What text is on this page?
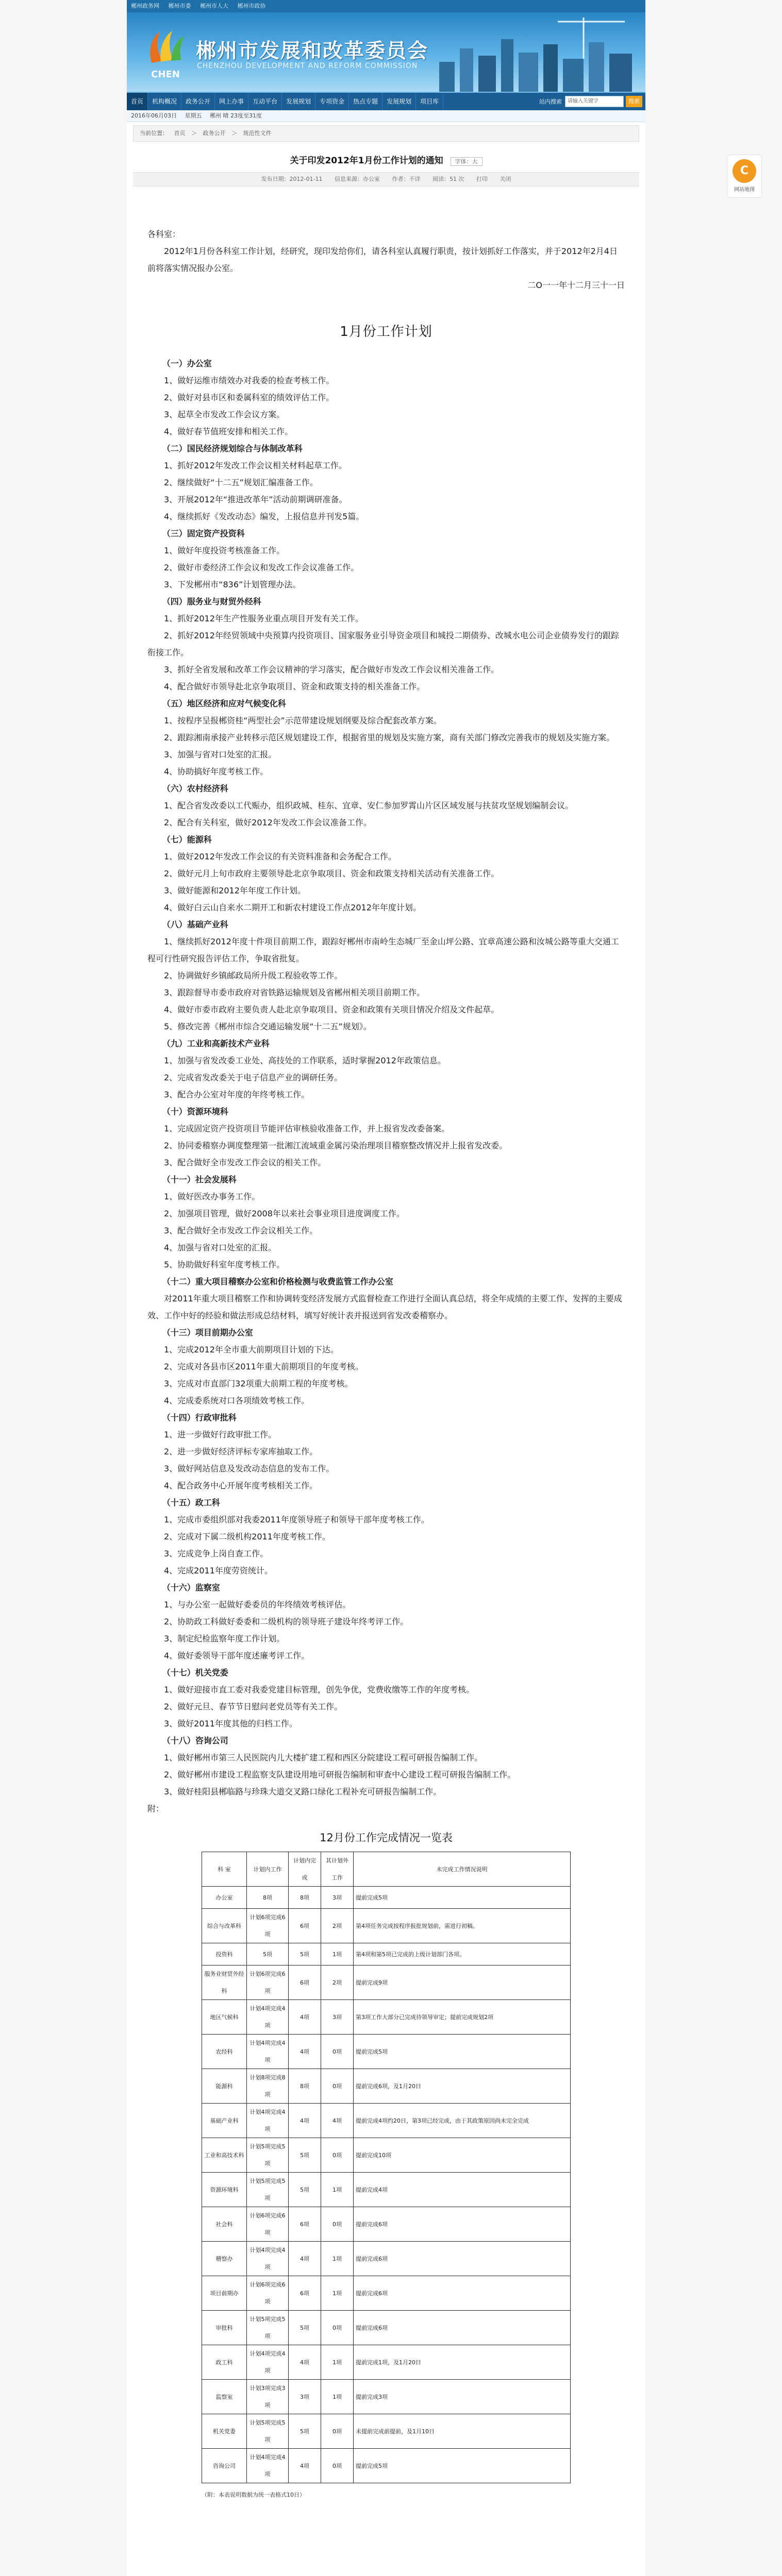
郴州政务网 郴州市委 郴州市人大 郴州市政协
CHEN
郴州市发展和改革委员会
CHENZHOU DEVELOPMENT AND REFORM COMMISSION
首页	机构概况	政务公开	网上办事	互动平台	发展规划	专项资金	热点专题	发展规划	项目库	站内搜索	请输入关键字	搜索
2016年06月03日 星期五 郴州 晴 23度至31度
当前位置： 首页 ＞ 政务公开 ＞ 规范性文件
关于印发2012年1月份工作计划的通知 字体：大
发布日期：2012-01-11 信息来源：办公室 作者：不详 阅读：51 次 打印 关闭

各科室：

2012年1月份各科室工作计划，经研究，现印发给你们，请各科室认真履行职责，按计划抓好工作落实，并于2012年2月4日前将落实情况报办公室。

二Ο一一年十二月三十一日

1月份工作计划
（一）办公室

1、做好运维市绩效办对我委的检查考核工作。

2、做好对县市区和委属科室的绩效评估工作。

3、起草全市发改工作会议方案。

4、做好春节值班安排和相关工作。

（二）国民经济规划综合与体制改革科

1、抓好2012年发改工作会议相关材料起草工作。

2、继续做好“十二五”规划汇编准备工作。

3、开展2012年“推进改革年”活动前期调研准备。

4、继续抓好《发改动态》编发，上报信息并刊发5篇。

（三）固定资产投资科

1、做好年度投资考核准备工作。

2、做好市委经济工作会议和发改工作会议准备工作。

3、下发郴州市“836”计划管理办法。

（四）服务业与财贸外经科

1、抓好2012年生产性服务业重点项目开发有关工作。

2、抓好2012年经贸领域中央预算内投资项目、国家服务业引导资金项目和城投二期债券、改城水电公司企业债券发行的跟踪衔接工作。

3、抓好全省发展和改革工作会议精神的学习落实，配合做好市发改工作会议相关准备工作。

4、配合做好市领导赴北京争取项目、资金和政策支持的相关准备工作。

（五）地区经济和应对气候变化科

1、按程序呈报郴资桂“两型社会”示范带建设规划纲要及综合配套改革方案。

2、跟踪湘南承接产业转移示范区规划建设工作，根据省里的规划及实施方案，商有关部门修改完善我市的规划及实施方案。

3、加强与省对口处室的汇报。

4、协助搞好年度考核工作。

（六）农村经济科

1、配合省发改委以工代赈办，组织政城、桂东、宜章、安仁参加罗霄山片区区域发展与扶贫攻坚规划编制会议。

2、配合有关科室，做好2012年发改工作会议准备工作。

（七）能源科

1、做好2012年发改工作会议的有关资料准备和会务配合工作。

2、做好元月上旬市政府主要领导赴北京争取项目、资金和政策支持相关活动有关准备工作。

3、做好能源和2012年年度工作计划。

4、做好白云山自来水二期开工和新农村建设工作点2012年年度计划。

（八）基础产业科

1、继续抓好2012年度十件项目前期工作，跟踪好郴州市南岭生态城厂至金山坪公路、宜章高速公路和汝城公路等重大交通工程可行性研究报告评估工作，争取省批复。

2、协调做好乡镇邮政局所升级工程验收等工作。

3、跟踪督导市委市政府对省铁路运输规划及省郴州相关项目前期工作。

4、做好市委市政府主要负责人赴北京争取项目、资金和政策有关项目情况介绍及文件起草。

5、修改完善《郴州市综合交通运输发展“十二五”规划》。

（九）工业和高新技术产业科

1、加强与省发改委工业处、高技处的工作联系，适时掌握2012年政策信息。

2、完成省发改委关于电子信息产业的调研任务。

3、配合办公室对年度的年终考核工作。

（十）资源环境科

1、完成固定资产投资项目节能评估审核验收准备工作，并上报省发改委备案。

2、协同委稽察办调度整理第一批湘江流域重金属污染治理项目稽察整改情况并上报省发改委。

3、配合做好全市发改工作会议的相关工作。

（十一）社会发展科

1、做好医改办事务工作。

2、加强项目管理，做好2008年以来社会事业项目进度调度工作。

3、配合做好全市发改工作会议相关工作。

4、加强与省对口处室的汇报。

5、协助做好科室年度考核工作。

（十二）重大项目稽察办公室和价格检测与收费监管工作办公室

对2011年重大项目稽察工作和协调转变经济发展方式监督检查工作进行全面认真总结，将全年成绩的主要工作、发挥的主要成效、工作中好的经验和做法形成总结材料，填写好统计表并报送到省发改委稽察办。

（十三）项目前期办公室

1、完成2012年全市重大前期项目计划的下达。

2、完成对各县市区2011年重大前期项目的年度考核。

3、完成对市直部门32项重大前期工程的年度考核。

4、完成委系统对口各项绩效考核工作。

（十四）行政审批科

1、进一步做好行政审批工作。

2、进一步做好经济评标专家库抽取工作。

3、做好网站信息及发改动态信息的发布工作。

4、配合政务中心开展年度考核相关工作。

（十五）政工科

1、完成市委组织部对我委2011年度领导班子和领导干部年度考核工作。

2、完成对下属二级机构2011年度考核工作。

3、完成竞争上岗自查工作。

4、完成2011年度劳资统计。

（十六）监察室

1、与办公室一起做好委委员的年终绩效考核评估。

2、协助政工科做好委委和二级机构的领导班子建设年终考评工作。

3、制定纪检监察年度工作计划。

4、做好委领导干部年度述廉考评工作。

（十七）机关党委

1、做好迎接市直工委对我委党建目标管理，创先争优，党费收缴等工作的年度考核。

2、做好元旦、春节节日慰问老党员等有关工作。

3、做好2011年度其他的归档工作。

（十八）咨询公司

1、做好郴州市第三人民医院内儿大楼扩建工程和西区分院建设工程可研报告编制工作。

2、做好郴州市建设工程监察支队建设用地可研报告编制和审查中心建设工程可研报告编制工作。

3、做好桂阳县郴临路与珍珠大道交叉路口绿化工程补充可研报告编制工作。

附：

12月份工作完成情况一览表
科 室	计划内工作	计划内完成	其计划外工作	未完成工作情况说明
办公室	8项	8项	3项	提前完成5项
综合与改革科	计划6项完成6项	6项	2项	第4项任务完成按程序报批规划前，需进行初稿。
投资科	5项	5项	1项	第4项和第5项已完成的上级计划部门各项。
服务业财贸外经科	计划6项完成6项	6项	2项	提前完成9项
地区气候科	计划4项完成4项	4项	3项	第3项工作大部分已完成待领导审定；提前完成规划2项
农经科	计划4项完成4项	4项	0项	提前完成5项
能源科	计划8项完成8项	8项	0项	提前完成6项，及1月20日
基础产业科	计划4项完成4项	4项	4项	提前完成4项约20日，第3项已经完成，由于其政策原因尚未完全完成
工业和高技术科	计划5项完成5项	5项	0项	提前完成10项
资源环境科	计划5项完成5项	5项	1项	提前完成4项
社会科	计划6项完成6项	6项	0项	提前完成6项
稽察办	计划4项完成4项	4项	1项	提前完成6项
项目前期办	计划6项完成6项	6项	1项	提前完成6项
审批科	计划5项完成5项	5项	0项	提前完成6项
政工科	计划4项完成4项	4项	1项	提前完成1项，及1月20日
监察室	计划3项完成3项	3项	1项	提前完成3项
机关党委	计划5项完成5项	5项	0项	未提前完成前提前，及1月10日
咨询公司	计划4项完成4项	4项	0项	提前完成5项
（附：本表说明数据为统一表格式10日）
C
网站地图
